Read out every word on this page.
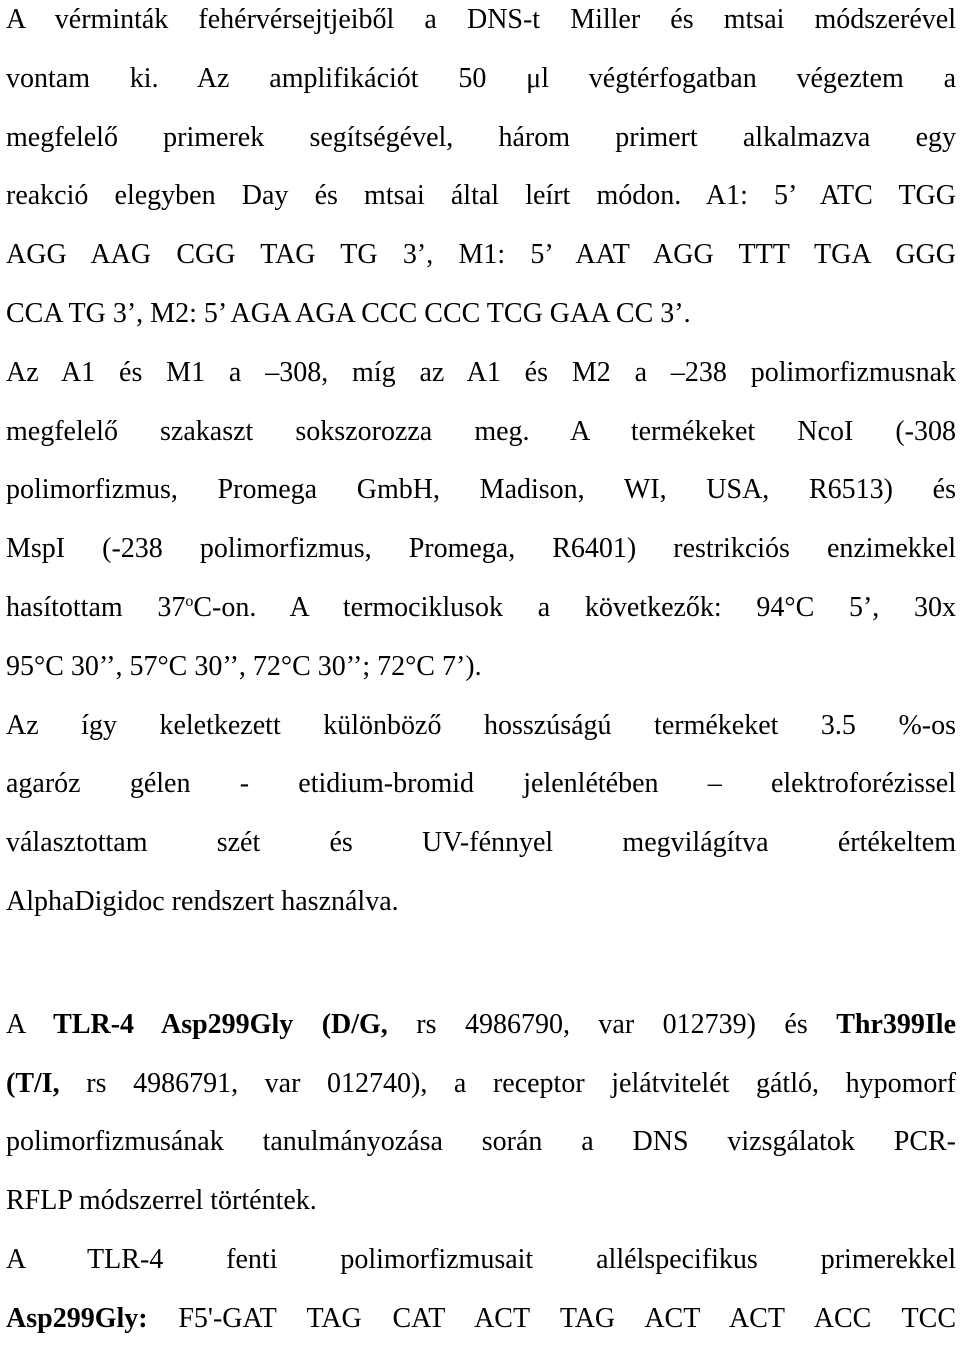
A vérminták fehérvérsejtjeiből a DNS-t Miller és mtsai módszerével
vontam ki. Az amplifikációt 50 μl végtérfogatban végeztem a
megfelelő primerek segítségével, három primert alkalmazva egy
reakció elegyben Day és mtsai által leírt módon. A1: 5’ ATC TGG
AGG AAG CGG TAG TG 3’, M1: 5’ AAT AGG TTT TGA GGG
CCA TG 3’, M2: 5’ AGA AGA CCC CCC TCG GAA CC 3’.
Az A1 és M1 a –308, míg az A1 és M2 a –238 polimorfizmusnak
megfelelő szakaszt sokszorozza meg. A termékeket NcoI (-308
polimorfizmus, Promega GmbH, Madison, WI, USA, R6513) és
MspI (-238 polimorfizmus, Promega, R6401) restrikciós enzimekkel
hasítottam 37$^o$C-on. A termociklusok a következők: 94°C 5’, 30x
95°C 30’’, 57°C 30’’, 72°C 30’’; 72°C 7’).
Az így keletkezett különböző hosszúságú termékeket 3.5 %-os
agaróz gélen - etidium-bromid jelenlétében – elektroforézissel
választottam szét és UV-fénnyel megvilágítva értékeltem
AlphaDigidoc rendszert használva.
A TLR-4 Asp299Gly (D/G, rs 4986790, var 012739) és Thr399Ile
(T/I, rs 4986791, var 012740), a receptor jelátvitelét gátló, hypomorf
polimorfizmusának tanulmányozása során a DNS vizsgálatok PCR-
RFLP módszerrel történtek.
A TLR-4 fenti polimorfizmusait allélspecifikus primerekkel
Asp299Gly: F5'-GAT TAG CAT ACT TAG ACT ACT ACC TCC
